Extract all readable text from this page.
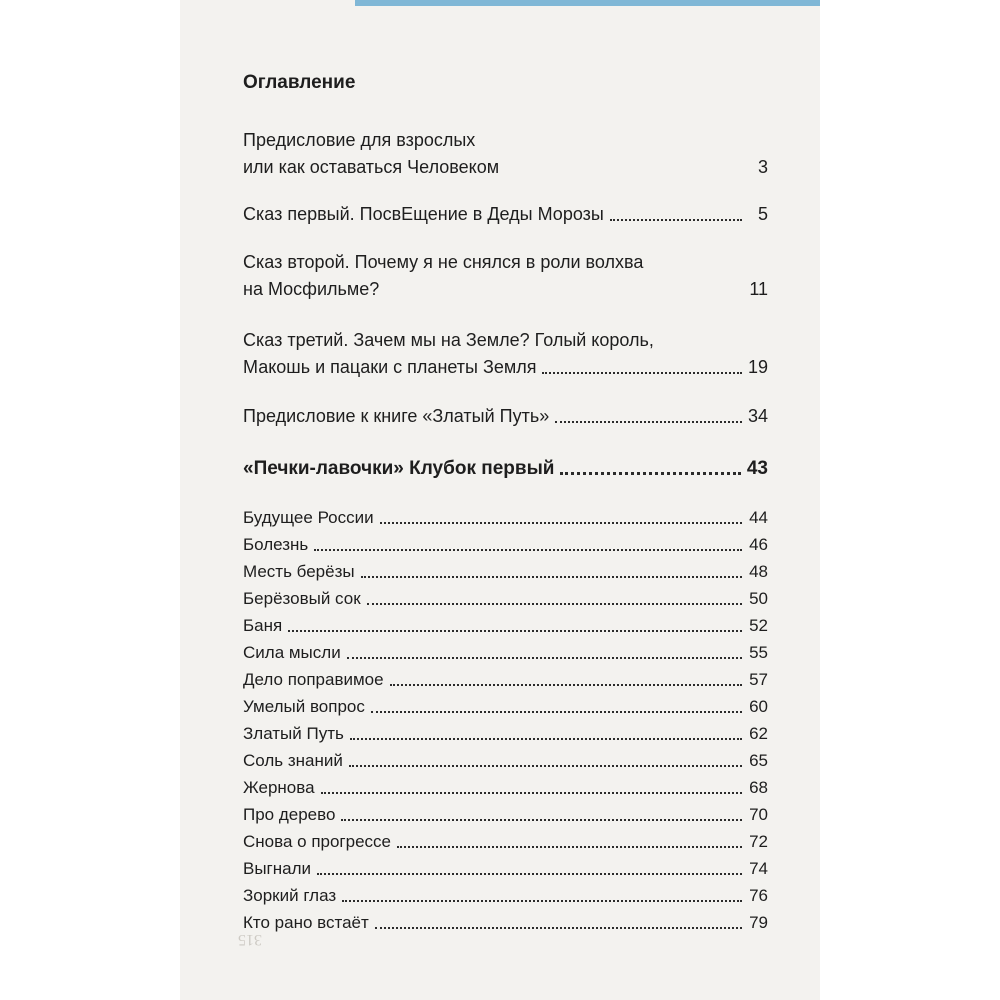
Оглавление
Предисловие для взрослых
или как оставаться Человеком	3
Сказ первый. ПосвЕщение в Деды Морозы	5
Сказ второй. Почему я не снялся в роли волхва
на Мосфильме?	11
Сказ третий. Зачем мы на Земле? Голый король,
Макошь и пацаки с планеты Земля	19
Предисловие к книге «Златый Путь»	34
«Печки-лавочки» Клубок первый	43
Будущее России	44
Болезнь	46
Месть берёзы	48
Берёзовый сок	50
Баня	52
Сила мысли	55
Дело поправимое	57
Умелый вопрос	60
Златый Путь	62
Соль знаний	65
Жернова	68
Про дерево	70
Снова о прогрессе	72
Выгнали	74
Зоркий глаз	76
Кто рано встаёт	79
315
